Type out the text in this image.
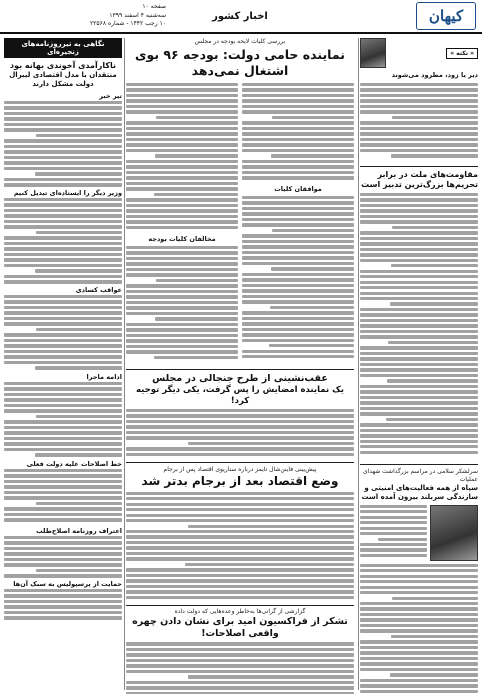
کیهان
اخبار کشور
صفحه ۱۰
سه‌شنبه ۴ اسفند ۱۳۹۹
۱۰ رجب ۱۴۴۲ - شماره ۲۲۵۶۸
« نکته »
دیر یا زود، مطرود می‌شوند
مقاومت‌های ملت در برابر تحریم‌ها بزرگ‌ترین تدبیر است
سرلشکر سلامی در مراسم بزرگداشت شهدای عملیات
سپاه از همه فعالیت‌های امنیتی و سازندگی سربلند بیرون آمده است
بررسی کلیات لایحه بودجه در مجلس
نماینده حامی دولت: بودجه ۹۶ بوی اشتغال نمی‌دهد
موافقان کلیات
مخالفان کلیات بودجه
عقب‌نشینی از طرح جنجالی در مجلس
یک نماینده امضایش را پس گرفت، یکی دیگر توجیه کرد!
پیش‌بینی فاینن‌شال تایمز درباره سناریوی اقتصاد پس از برجام
وضع اقتصاد بعد از برجام بدتر شد
گزارشی از گرانی‌ها به‌خاطر وعده‌هایی که دولت داده
تشکر از فراکسیون امید برای نشان دادن چهره واقعی اصلاحات!
نگاهی به تیرروزنامه‌های زنجیره‌ای
ناکارآمدی آخوندی بهانه بود
منتقدان با مدل اقتصادی لیبرال دولت مشکل دارند
تیر خبر
وزیر دیگر را ایستاده‌ای تبدیل کنیم
عواقب کسادی
ادامه ماجرا
خط اصلاحات علیه دولت فعلی
اعتراف روزنامه اصلاح‌طلب
حمایت از پرسپولیس به سبک آن‌ها
